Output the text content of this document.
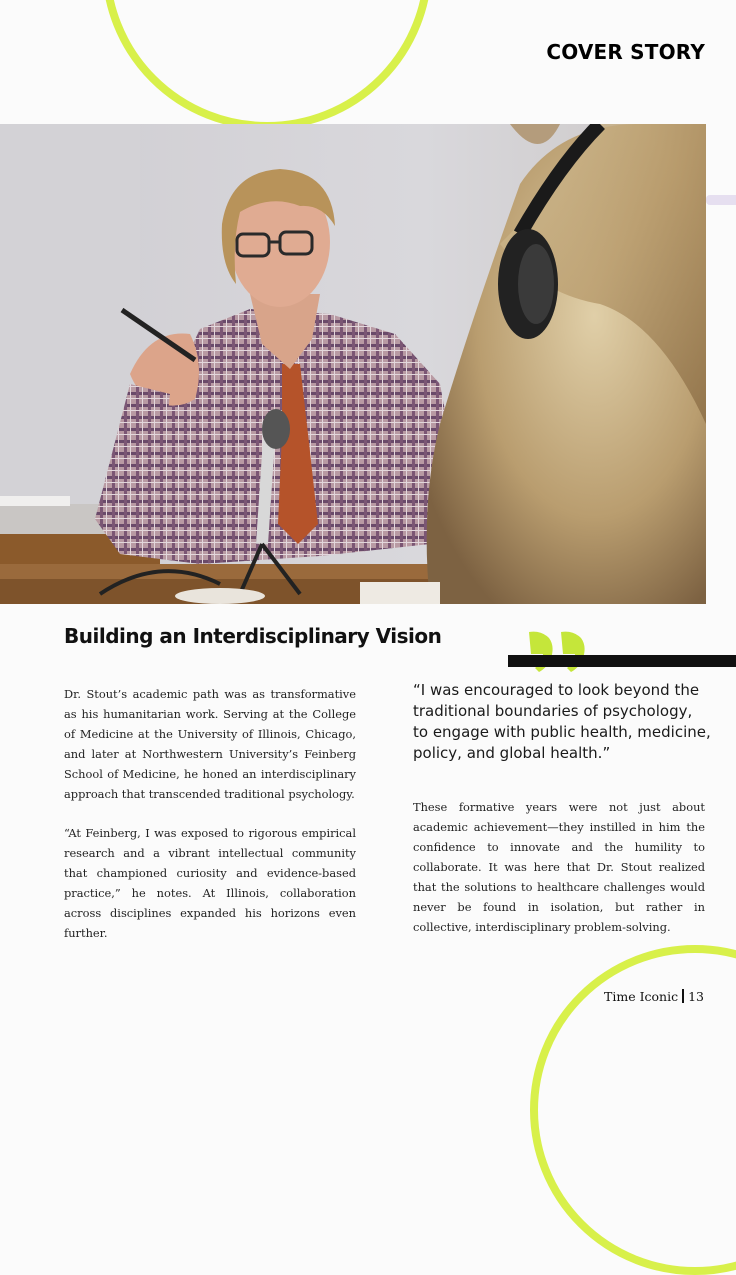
COVER STORY
Building an Interdisciplinary Vision

Dr. Stout’s academic path was as transformative as his humanitarian work. Serving at the College of Medicine at the University of Illinois, Chicago, and later at Northwestern University’s Feinberg School of Medicine, he honed an interdisciplinary approach that transcended traditional psychology.

“At Feinberg, I was exposed to rigorous empirical research and a vibrant intellectual community that championed curiosity and evidence-based practice,” he notes. At Illinois, collaboration across disciplines expanded his horizons even further.

“I was encouraged to look beyond the traditional boundaries of psychology, to engage with public health, medicine, policy, and global health.”

These formative years were not just about academic achievement—they instilled in him the confidence to innovate and the humility to collaborate. It was here that Dr. Stout realized that the solutions to healthcare challenges would never be found in isolation, but rather in collective, interdisciplinary problem-solving.

Time Iconic 13
